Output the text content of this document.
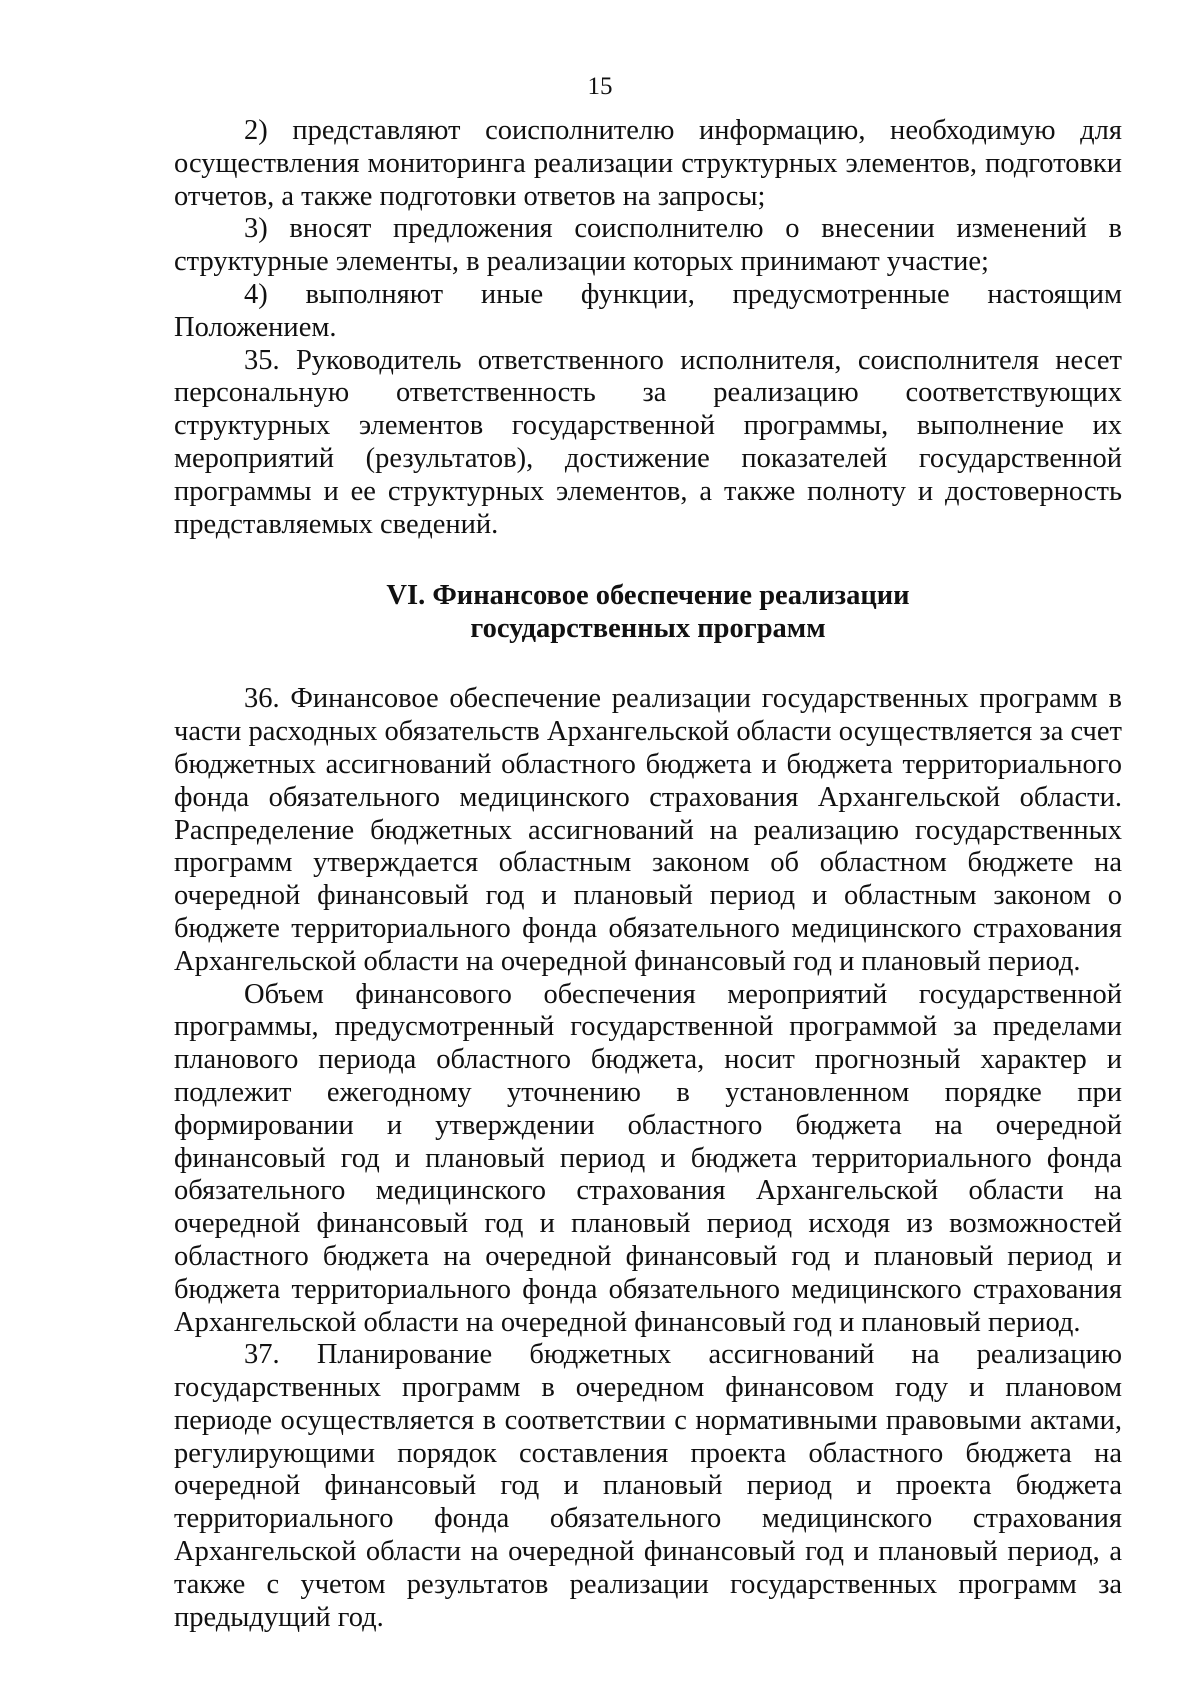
15

2) представляют соисполнителю информацию, необходимую для осуществления мониторинга реализации структурных элементов, подготовки отчетов, а также подготовки ответов на запросы;

3) вносят предложения соисполнителю о внесении изменений в структурные элементы, в реализации которых принимают участие;

4) выполняют иные функции, предусмотренные настоящим Положением.

35. Руководитель ответственного исполнителя, соисполнителя несет персональную ответственность за реализацию соответствующих структурных элементов государственной программы, выполнение их мероприятий (результатов), достижение показателей государственной программы и ее структурных элементов, а также полноту и достоверность представляемых сведений.

VI. Финансовое обеспечение реализации
государственных программ

36. Финансовое обеспечение реализации государственных программ в части расходных обязательств Архангельской области осуществляется за счет бюджетных ассигнований областного бюджета и бюджета территориального фонда обязательного медицинского страхования Архангельской области. Распределение бюджетных ассигнований на реализацию государственных программ утверждается областным законом об областном бюджете на очередной финансовый год и плановый период и областным законом о бюджете территориального фонда обязательного медицинского страхования Архангельской области на очередной финансовый год и плановый период.

Объем финансового обеспечения мероприятий государственной программы, предусмотренный государственной программой за пределами планового периода областного бюджета, носит прогнозный характер и подлежит ежегодному уточнению в установленном порядке при формировании и утверждении областного бюджета на очередной финансовый год и плановый период и бюджета территориального фонда обязательного медицинского страхования Архангельской области на очередной финансовый год и плановый период исходя из возможностей областного бюджета на очередной финансовый год и плановый период и бюджета территориального фонда обязательного медицинского страхования Архангельской области на очередной финансовый год и плановый период.

37. Планирование бюджетных ассигнований на реализацию государственных программ в очередном финансовом году и плановом периоде осуществляется в соответствии с нормативными правовыми актами, регулирующими порядок составления проекта областного бюджета на очередной финансовый год и плановый период и проекта бюджета территориального фонда обязательного медицинского страхования Архангельской области на очередной финансовый год и плановый период, а также с учетом результатов реализации государственных программ за предыдущий год.
